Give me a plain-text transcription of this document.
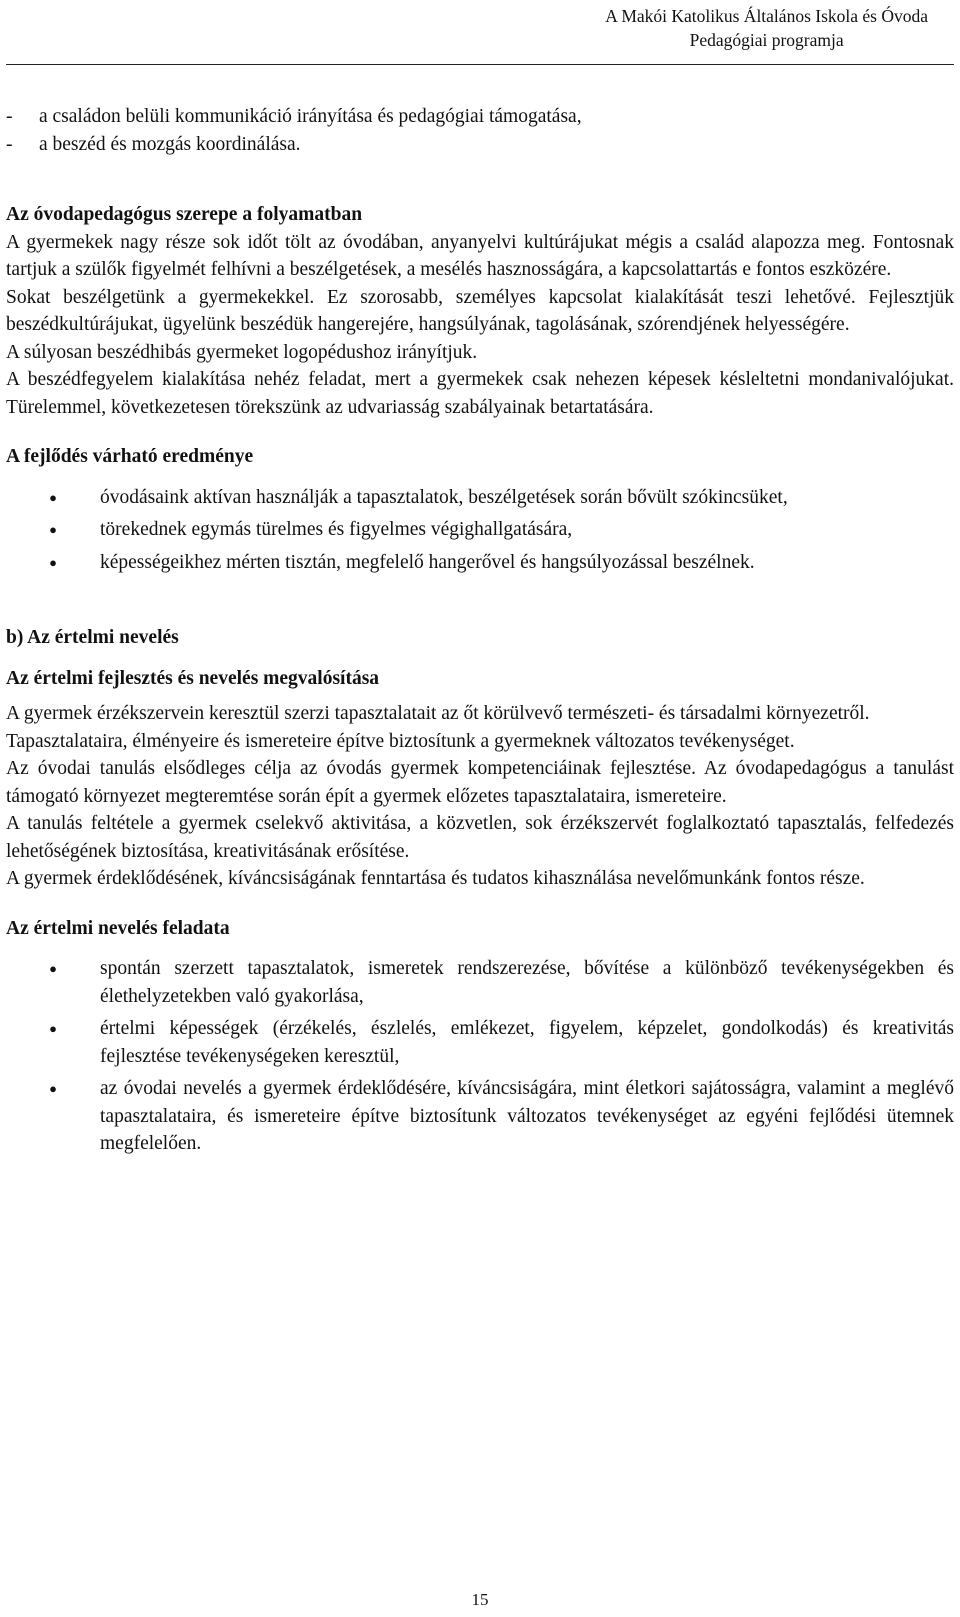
A Makói Katolikus Általános Iskola és Óvoda
Pedagógiai programja
-	a családon belüli kommunikáció irányítása és pedagógiai támogatása,
-	a beszéd és mozgás koordinálása.
Az óvodapedagógus szerepe a folyamatban

A gyermekek nagy része sok időt tölt az óvodában, anyanyelvi kultúrájukat mégis a család alapozza meg. Fontosnak tartjuk a szülők figyelmét felhívni a beszélgetések, a mesélés hasznosságára, a kapcsolattartás e fontos eszközére.

Sokat beszélgetünk a gyermekekkel. Ez szorosabb, személyes kapcsolat kialakítását teszi lehetővé. Fejlesztjük beszédkultúrájukat, ügyelünk beszédük hangerejére, hangsúlyának, tagolásának, szórendjének helyességére.

A súlyosan beszédhibás gyermeket logopédushoz irányítjuk.

A beszédfegyelem kialakítása nehéz feladat, mert a gyermekek csak nehezen képesek késleltetni mondanivalójukat. Türelemmel, következetesen törekszünk az udvariasság szabályainak betartatására.

A fejlődés várható eredménye
●	óvodásaink aktívan használják a tapasztalatok, beszélgetések során bővült szókincsüket,
●	törekednek egymás türelmes és figyelmes végighallgatására,
●	képességeikhez mérten tisztán, megfelelő hangerővel és hangsúlyozással beszélnek.
b) Az értelmi nevelés
Az értelmi fejlesztés és nevelés megvalósítása

A gyermek érzékszervein keresztül szerzi tapasztalatait az őt körülvevő természeti- és társadalmi környezetről.

Tapasztalataira, élményeire és ismereteire építve biztosítunk a gyermeknek változatos tevékenységet.

Az óvodai tanulás elsődleges célja az óvodás gyermek kompetenciáinak fejlesztése. Az óvodapedagógus a tanulást támogató környezet megteremtése során épít a gyermek előzetes tapasztalataira, ismereteire.

A tanulás feltétele a gyermek cselekvő aktivitása, a közvetlen, sok érzékszervét foglalkoztató tapasztalás, felfedezés lehetőségének biztosítása, kreativitásának erősítése.

A gyermek érdeklődésének, kíváncsiságának fenntartása és tudatos kihasználása nevelőmunkánk fontos része.

Az értelmi nevelés feladata
●	spontán szerzett tapasztalatok, ismeretek rendszerezése, bővítése a különböző tevékenységekben és élethelyzetekben való gyakorlása,
●	értelmi képességek (érzékelés, észlelés, emlékezet, figyelem, képzelet, gondolkodás) és kreativitás fejlesztése tevékenységeken keresztül,
●	az óvodai nevelés a gyermek érdeklődésére, kíváncsiságára, mint életkori sajátosságra, valamint a meglévő tapasztalataira, és ismereteire építve biztosítunk változatos tevékenységet az egyéni fejlődési ütemnek megfelelően.
15
